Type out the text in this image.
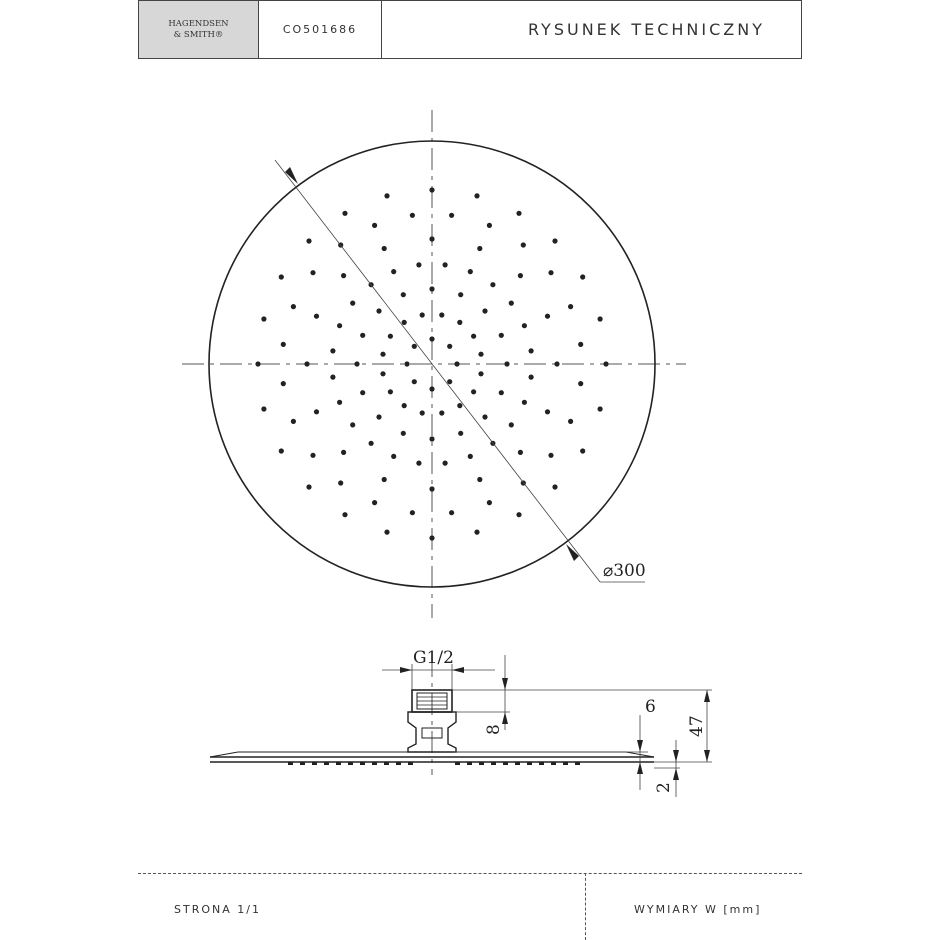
HAGENDSEN
& SMITH®	CO501686	RYSUNEK TECHNICZNY
⌀300
G1/2
8
6
47
2
STRONA 1/1	WYMIARY W [mm]
